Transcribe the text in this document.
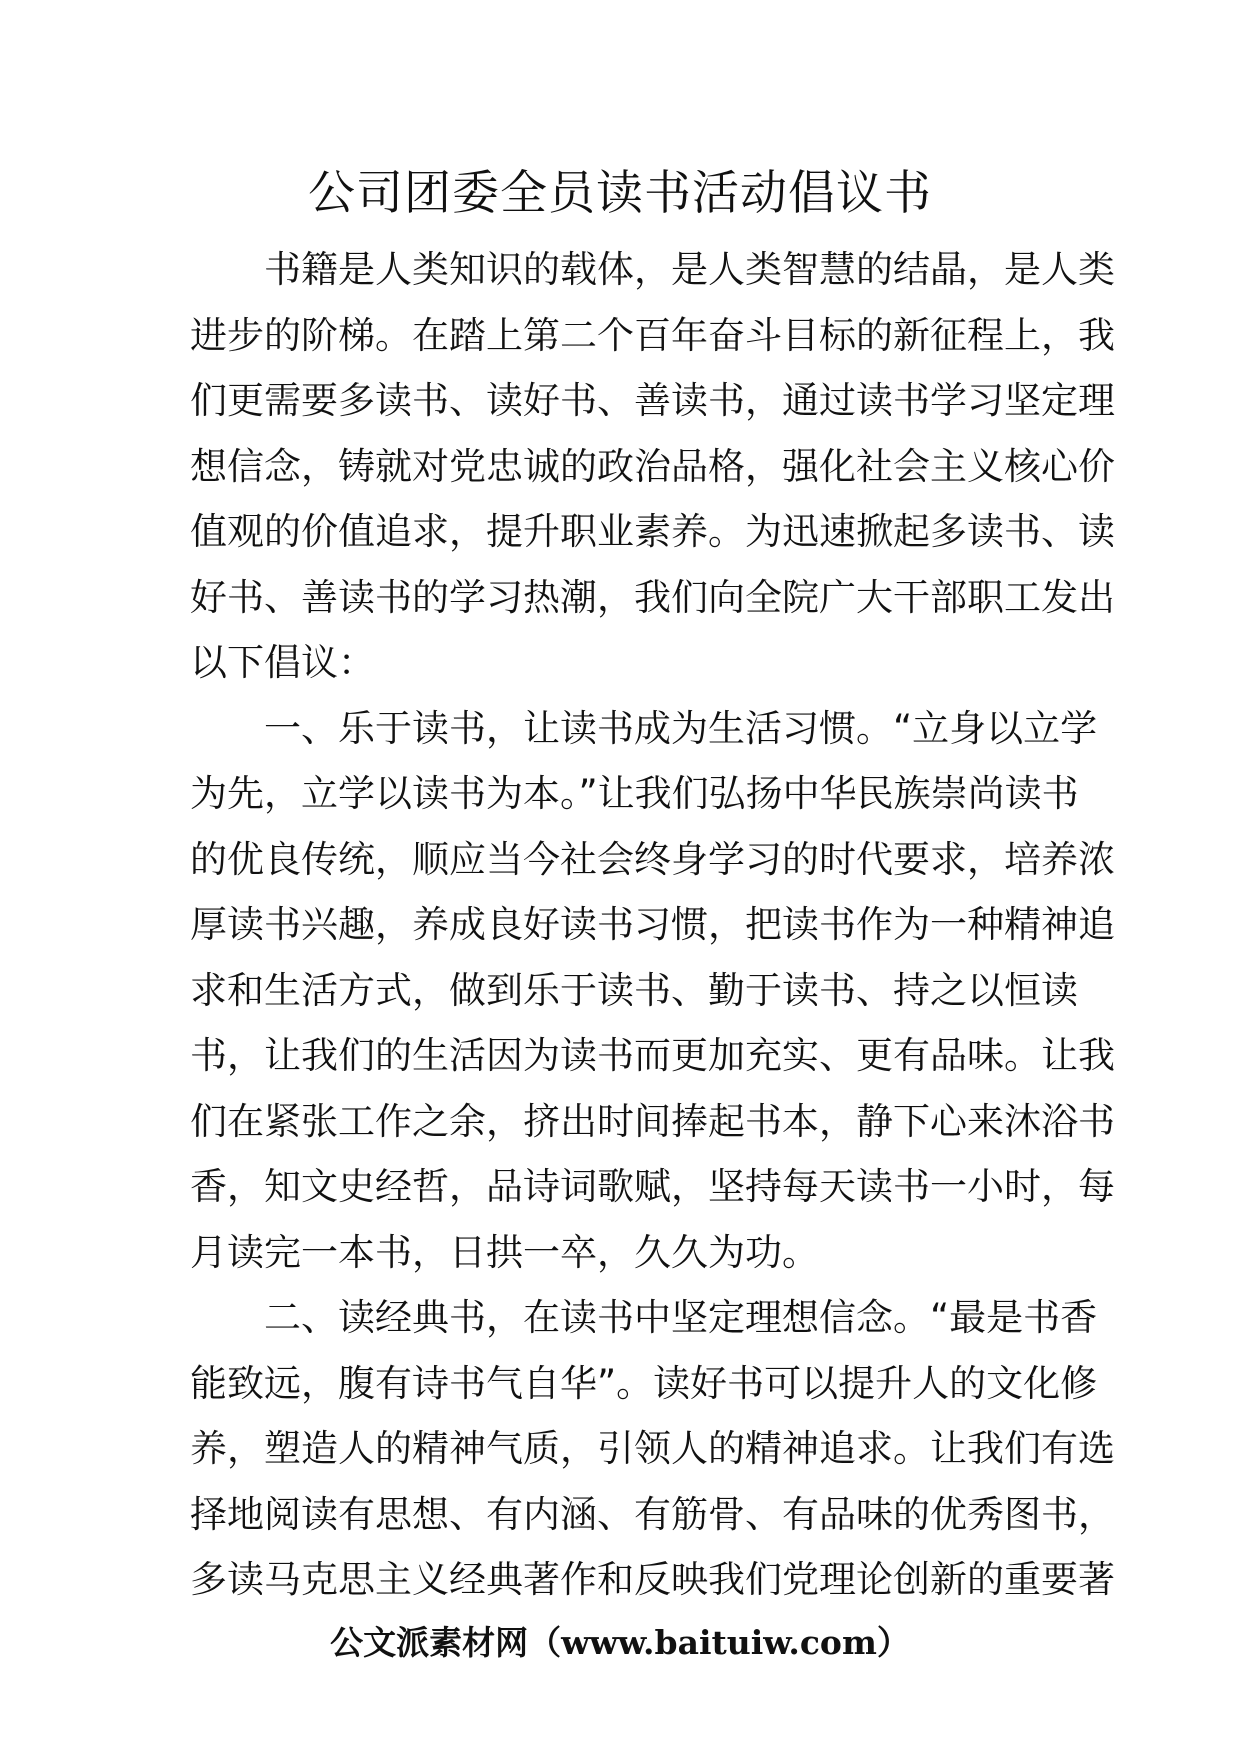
公司团委全员读书活动倡议书
书籍是人类知识的载体，是人类智慧的结晶，是人类
进步的阶梯。在踏上第二个百年奋斗目标的新征程上，我
们更需要多读书、读好书、善读书，通过读书学习坚定理
想信念，铸就对党忠诚的政治品格，强化社会主义核心价
值观的价值追求，提升职业素养。为迅速掀起多读书、读
好书、善读书的学习热潮，我们向全院广大干部职工发出
以下倡议：
一、乐于读书，让读书成为生活习惯。“立身以立学
为先，立学以读书为本。”让我们弘扬中华民族崇尚读书
的优良传统，顺应当今社会终身学习的时代要求，培养浓
厚读书兴趣，养成良好读书习惯，把读书作为一种精神追
求和生活方式，做到乐于读书、勤于读书、持之以恒读
书，让我们的生活因为读书而更加充实、更有品味。让我
们在紧张工作之余，挤出时间捧起书本，静下心来沐浴书
香，知文史经哲，品诗词歌赋，坚持每天读书一小时，每
月读完一本书，日拱一卒，久久为功。
二、读经典书，在读书中坚定理想信念。“最是书香
能致远，腹有诗书气自华”。读好书可以提升人的文化修
养，塑造人的精神气质，引领人的精神追求。让我们有选
择地阅读有思想、有内涵、有筋骨、有品味的优秀图书，
多读马克思主义经典著作和反映我们党理论创新的重要著
公文派素材网（www.baituiw.com）
